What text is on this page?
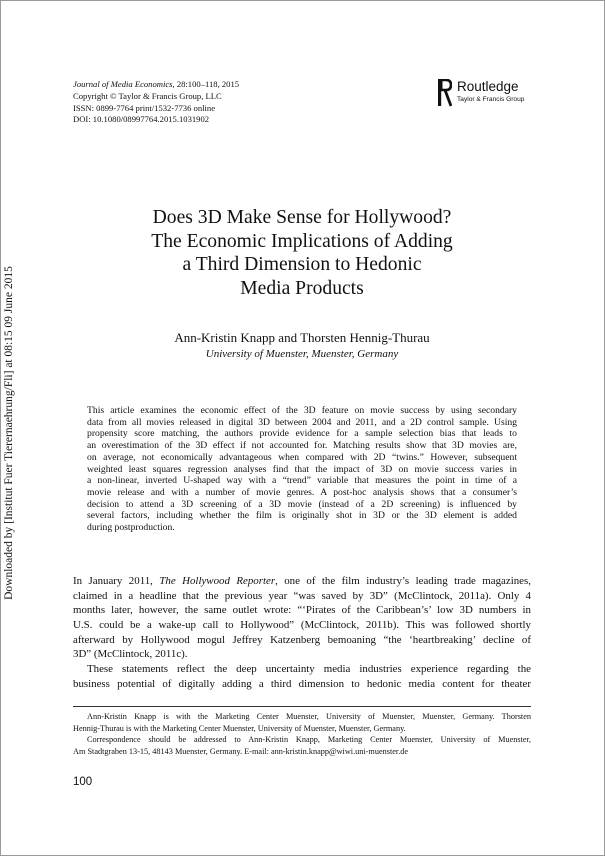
Downloaded by [Institut Fuer Tierernaehrung/Fli] at 08:15 09 June 2015
Journal of Media Economics, 28:100–118, 2015
Copyright © Taylor & Francis Group, LLC
ISSN: 0899-7764 print/1532-7736 online
DOI: 10.1080/08997764.2015.1031902
Routledge
Taylor & Francis Group
Does 3D Make Sense for Hollywood?
The Economic Implications of Adding
a Third Dimension to Hedonic
Media Products
Ann-Kristin Knapp and Thorsten Hennig-Thurau
University of Muenster, Muenster, Germany
This article examines the economic effect of the 3D feature on movie success by using secondary
data from all movies released in digital 3D between 2004 and 2011, and a 2D control sample. Using
propensity score matching, the authors provide evidence for a sample selection bias that leads to
an overestimation of the 3D effect if not accounted for. Matching results show that 3D movies are,
on average, not economically advantageous when compared with 2D “twins.” However, subsequent
weighted least squares regression analyses find that the impact of 3D on movie success varies in
a non-linear, inverted U-shaped way with a “trend” variable that measures the point in time of a
movie release and with a number of movie genres. A post-hoc analysis shows that a consumer’s
decision to attend a 3D screening of a 3D movie (instead of a 2D screening) is influenced by
several factors, including whether the film is originally shot in 3D or the 3D element is added
during postproduction.
In January 2011, The Hollywood Reporter, one of the film industry’s leading trade magazines,
claimed in a headline that the previous year “was saved by 3D” (McClintock, 2011a). Only 4
months later, however, the same outlet wrote: “‘Pirates of the Caribbean’s’ low 3D numbers in
U.S. could be a wake-up call to Hollywood” (McClintock, 2011b). This was followed shortly
afterward by Hollywood mogul Jeffrey Katzenberg bemoaning “the ‘heartbreaking’ decline of
3D” (McClintock, 2011c).
These statements reflect the deep uncertainty media industries experience regarding the
business potential of digitally adding a third dimension to hedonic media content for theater
Ann-Kristin Knapp is with the Marketing Center Muenster, University of Muenster, Muenster, Germany. Thorsten
Hennig-Thurau is with the Marketing Center Muenster, University of Muenster, Muenster, Germany.
Correspondence should be addressed to Ann-Kristin Knapp, Marketing Center Muenster, University of Muenster,
Am Stadtgraben 13-15, 48143 Muenster, Germany. E-mail: ann-kristin.knapp@wiwi.uni-muenster.de
100
